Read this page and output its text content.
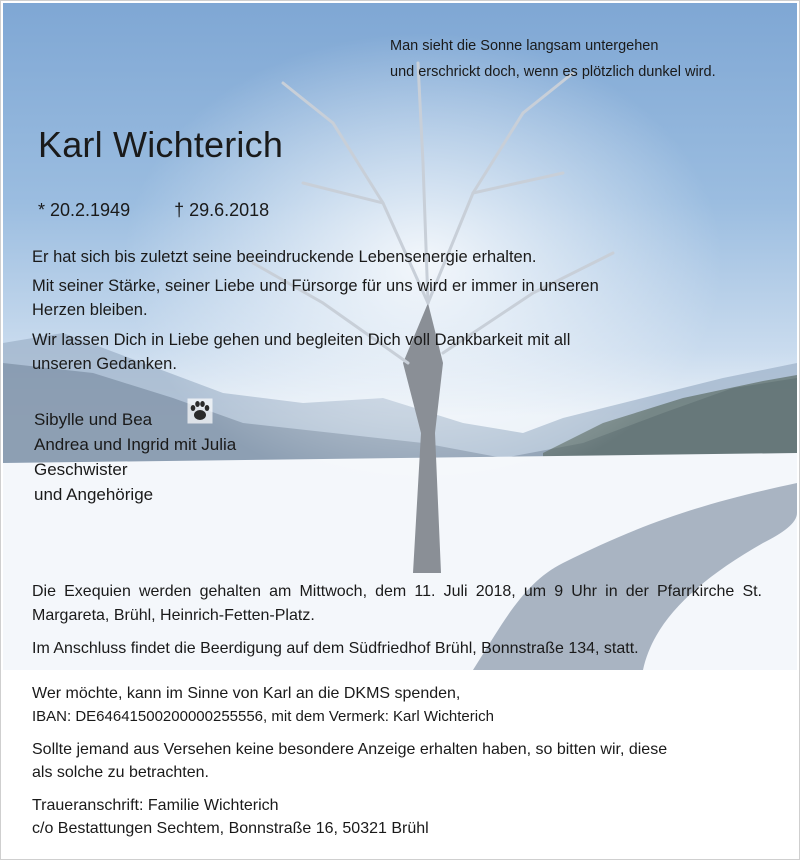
Man sieht die Sonne langsam untergehen
und erschrickt doch, wenn es plötzlich dunkel wird.
Karl Wichterich
* 20.2.1949 † 29.6.2018
Er hat sich bis zuletzt seine beeindruckende Lebensenergie erhalten.
Mit seiner Stärke, seiner Liebe und Fürsorge für uns wird er immer in unseren
Herzen bleiben.
Wir lassen Dich in Liebe gehen und begleiten Dich voll Dankbarkeit mit all
unseren Gedanken.
Sibylle und Bea
Andrea und Ingrid mit Julia
Geschwister
und Angehörige
Die Exequien werden gehalten am Mittwoch, dem 11. Juli 2018, um 9 Uhr in der Pfarrkirche St. Margareta, Brühl, Heinrich-Fetten-Platz.
Im Anschluss findet die Beerdigung auf dem Südfriedhof Brühl, Bonnstraße 134, statt.
Wer möchte, kann im Sinne von Karl an die DKMS spenden,
IBAN: DE64641500200000255556, mit dem Vermerk: Karl Wichterich
Sollte jemand aus Versehen keine besondere Anzeige erhalten haben, so bitten wir, diese
als solche zu betrachten.
Traueranschrift: Familie Wichterich
c/o Bestattungen Sechtem, Bonnstraße 16, 50321 Brühl
